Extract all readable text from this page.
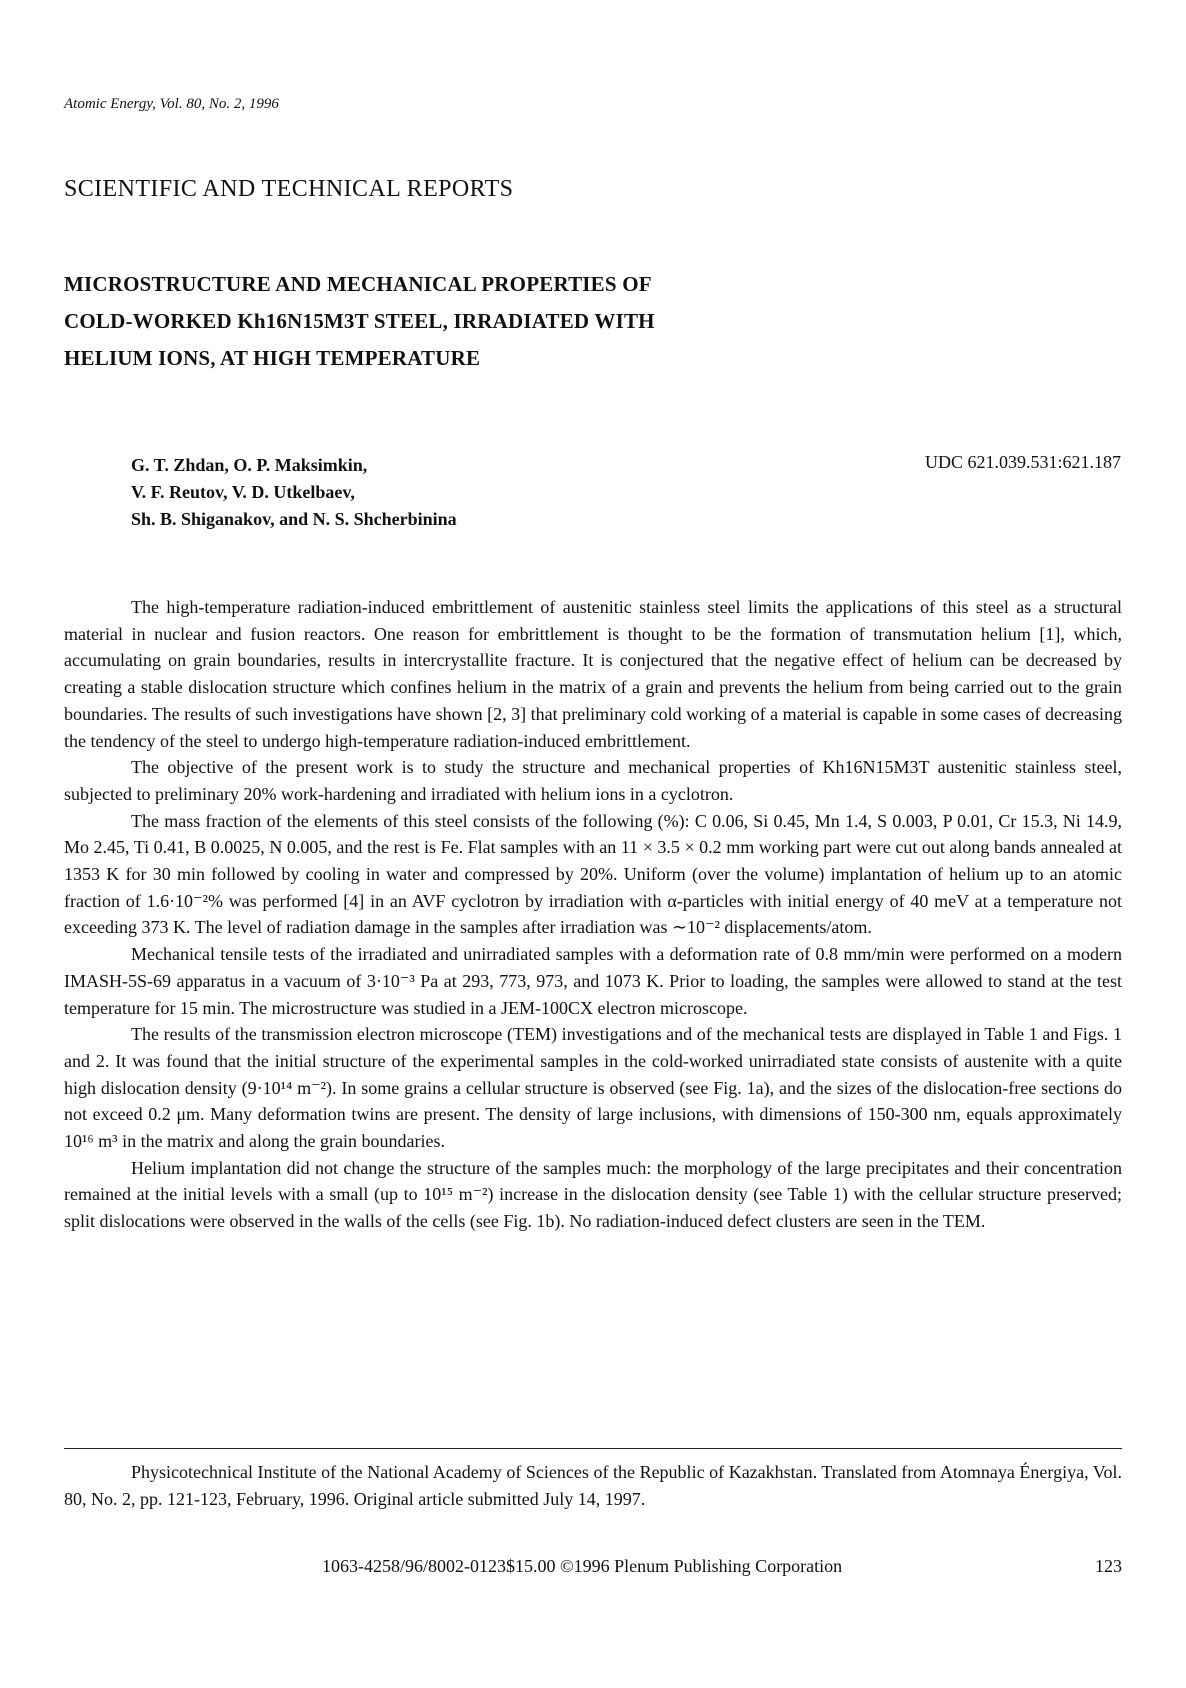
Atomic Energy, Vol. 80, No. 2, 1996
SCIENTIFIC AND TECHNICAL REPORTS
MICROSTRUCTURE AND MECHANICAL PROPERTIES OF
COLD-WORKED Kh16N15M3T STEEL, IRRADIATED WITH
HELIUM IONS, AT HIGH TEMPERATURE
G. T. Zhdan, O. P. Maksimkin,
V. F. Reutov, V. D. Utkelbaev,
Sh. B. Shiganakov, and N. S. Shcherbinina
UDC 621.039.531:621.187

The high-temperature radiation-induced embrittlement of austenitic stainless steel limits the applications of this steel as a structural material in nuclear and fusion reactors. One reason for embrittlement is thought to be the formation of transmutation helium [1], which, accumulating on grain boundaries, results in intercrystallite fracture. It is conjectured that the negative effect of helium can be decreased by creating a stable dislocation structure which confines helium in the matrix of a grain and prevents the helium from being carried out to the grain boundaries. The results of such investigations have shown [2, 3] that preliminary cold working of a material is capable in some cases of decreasing the tendency of the steel to undergo high-temperature radiation-induced embrittlement.

The objective of the present work is to study the structure and mechanical properties of Kh16N15M3T austenitic stainless steel, subjected to preliminary 20% work-hardening and irradiated with helium ions in a cyclotron.

The mass fraction of the elements of this steel consists of the following (%): C 0.06, Si 0.45, Mn 1.4, S 0.003, P 0.01, Cr 15.3, Ni 14.9, Mo 2.45, Ti 0.41, B 0.0025, N 0.005, and the rest is Fe. Flat samples with an 11 × 3.5 × 0.2 mm working part were cut out along bands annealed at 1353 K for 30 min followed by cooling in water and compressed by 20%. Uniform (over the volume) implantation of helium up to an atomic fraction of 1.6·10⁻²% was performed [4] in an AVF cyclotron by irradiation with α-particles with initial energy of 40 meV at a temperature not exceeding 373 K. The level of radiation damage in the samples after irradiation was ∼10⁻² displacements/atom.

Mechanical tensile tests of the irradiated and unirradiated samples with a deformation rate of 0.8 mm/min were performed on a modern IMASH-5S-69 apparatus in a vacuum of 3·10⁻³ Pa at 293, 773, 973, and 1073 K. Prior to loading, the samples were allowed to stand at the test temperature for 15 min. The microstructure was studied in a JEM-100CX electron microscope.

The results of the transmission electron microscope (TEM) investigations and of the mechanical tests are displayed in Table 1 and Figs. 1 and 2. It was found that the initial structure of the experimental samples in the cold-worked unirradiated state consists of austenite with a quite high dislocation density (9·10¹⁴ m⁻²). In some grains a cellular structure is observed (see Fig. 1a), and the sizes of the dislocation-free sections do not exceed 0.2 μm. Many deformation twins are present. The density of large inclusions, with dimensions of 150-300 nm, equals approximately 10¹⁶ m³ in the matrix and along the grain boundaries.

Helium implantation did not change the structure of the samples much: the morphology of the large precipitates and their concentration remained at the initial levels with a small (up to 10¹⁵ m⁻²) increase in the dislocation density (see Table 1) with the cellular structure preserved; split dislocations were observed in the walls of the cells (see Fig. 1b). No radiation-induced defect clusters are seen in the TEM.

Physicotechnical Institute of the National Academy of Sciences of the Republic of Kazakhstan. Translated from Atomnaya Énergiya, Vol. 80, No. 2, pp. 121-123, February, 1996. Original article submitted July 14, 1997.
1063-4258/96/8002-0123$15.00 ©1996 Plenum Publishing Corporation	123
